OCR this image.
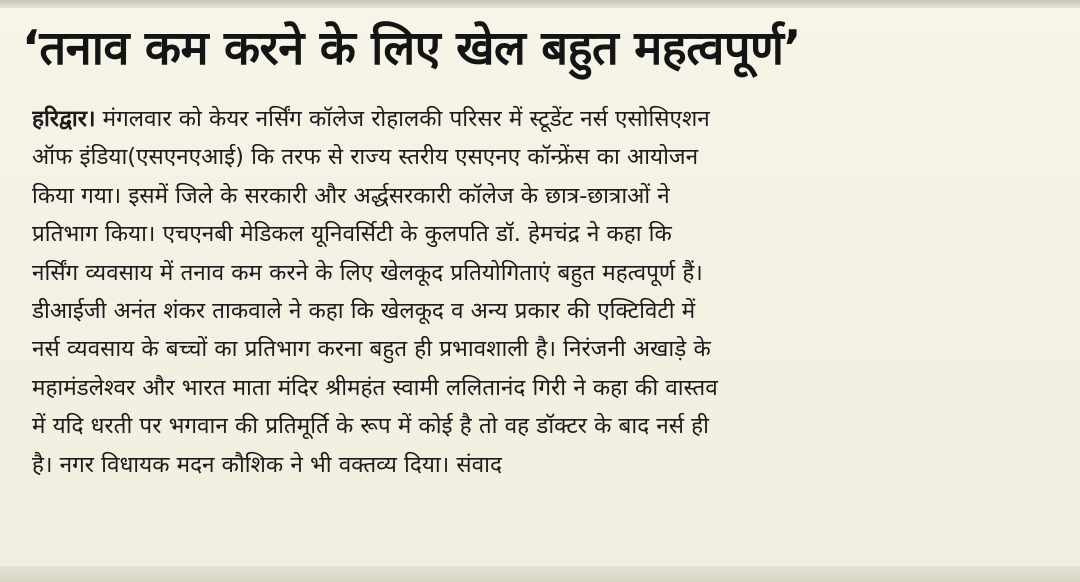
‘तनाव कम करने के लिए खेल बहुत महत्वपूर्ण’
हरिद्वार। मंगलवार को केयर नर्सिंग कॉलेज रोहालकी परिसर में स्टूडेंट नर्स एसोसिएशन
ऑफ इंडिया(एसएनएआई) कि तरफ से राज्य स्तरीय एसएनए कॉन्फ्रेंस का आयोजन
किया गया। इसमें जिले के सरकारी और अर्द्धसरकारी कॉलेज के छात्र-छात्राओं ने
प्रतिभाग किया। एचएनबी मेडिकल यूनिवर्सिटी के कुलपति डॉ. हेमचंद्र ने कहा कि
नर्सिंग व्यवसाय में तनाव कम करने के लिए खेलकूद प्रतियोगिताएं बहुत महत्वपूर्ण हैं।
डीआईजी अनंत शंकर ताकवाले ने कहा कि खेलकूद व अन्य प्रकार की एक्टिविटी में
नर्स व्यवसाय के बच्चों का प्रतिभाग करना बहुत ही प्रभावशाली है। निरंजनी अखाड़े के
महामंडलेश्वर और भारत माता मंदिर श्रीमहंत स्वामी ललितानंद गिरी ने कहा की वास्तव
में यदि धरती पर भगवान की प्रतिमूर्ति के रूप में कोई है तो वह डॉक्टर के बाद नर्स ही
है। नगर विधायक मदन कौशिक ने भी वक्तव्य दिया। संवाद
